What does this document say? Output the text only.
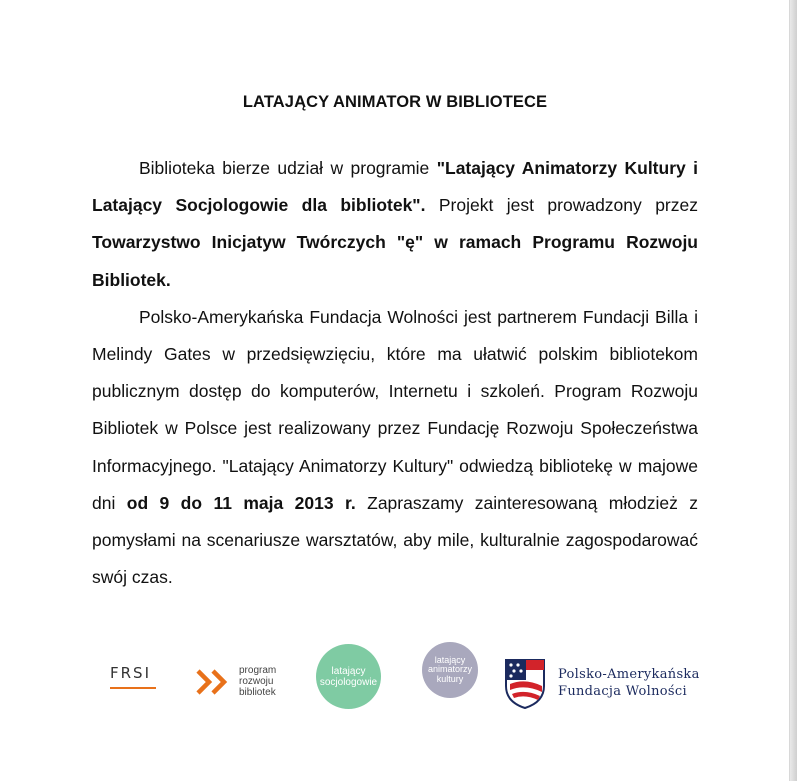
LATAJĄCY ANIMATOR W BIBLIOTECE

Biblioteka bierze udział w programie "Latający Animatorzy Kultury i Latający Socjologowie dla bibliotek". Projekt jest prowadzony przez Towarzystwo Inicjatyw Twórczych "ę" w ramach Programu Rozwoju Bibliotek.

Polsko-Amerykańska Fundacja Wolności jest partnerem Fundacji Billa i Melindy Gates w przedsięwzięciu, które ma ułatwić polskim bibliotekom publicznym dostęp do komputerów, Internetu i szkoleń. Program Rozwoju Bibliotek w Polsce jest realizowany przez Fundację Rozwoju Społeczeństwa Informacyjnego. "Latający Animatorzy Kultury" odwiedzą bibliotekę w majowe dni od 9 do 11 maja 2013 r. Zapraszamy zainteresowaną młodzież z pomysłami na scenariusze warsztatów, aby mile, kulturalnie zagospodarować swój czas.

FRSI	program
rozwoju
bibliotek
latający
socjologowie
latający
animatorzy
kultury	Polsko-Amerykańska
Fundacja Wolności
